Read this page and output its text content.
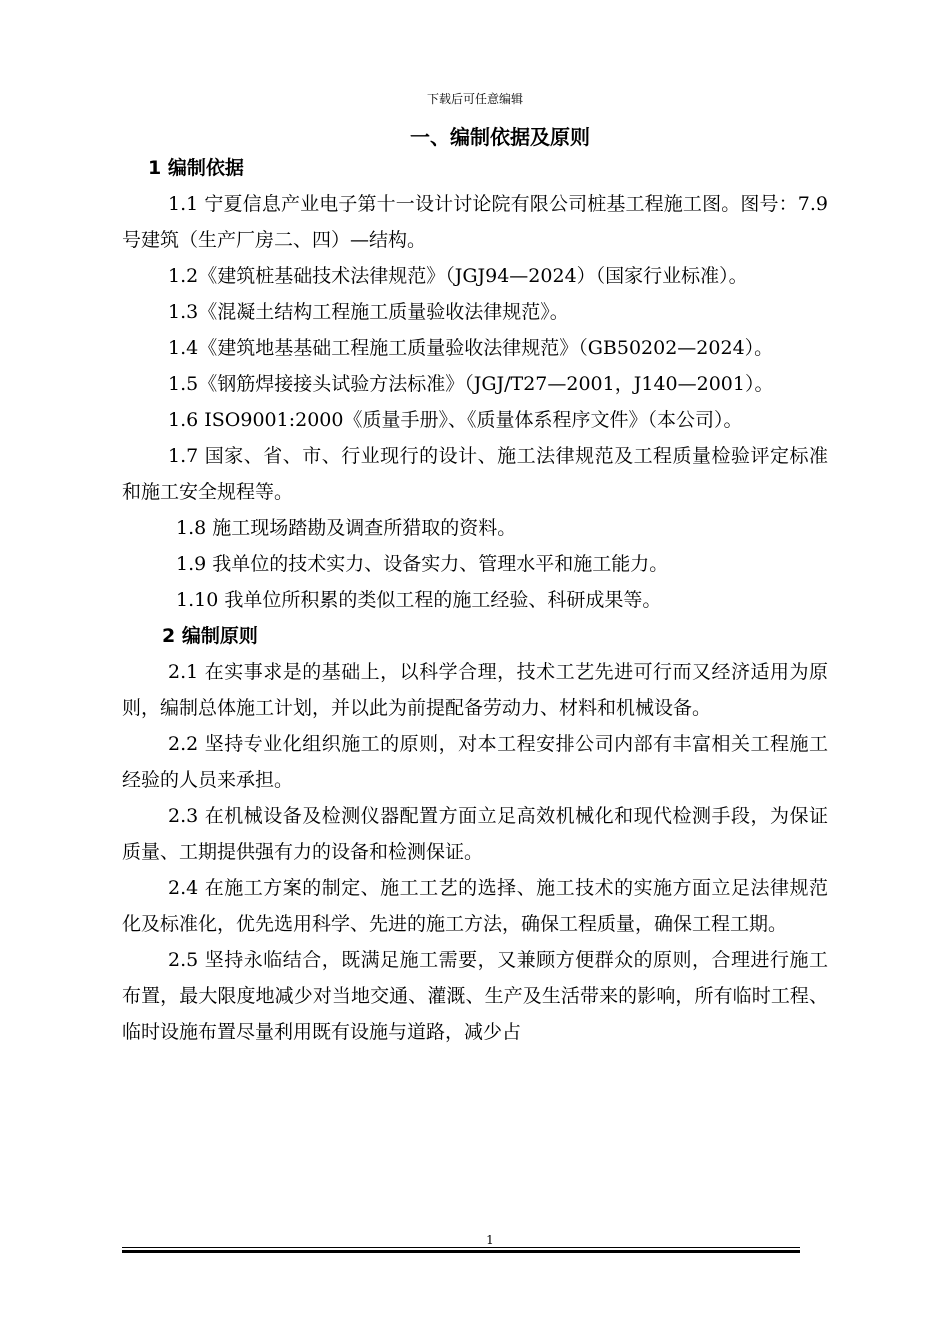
下载后可任意编辑
一、编制依据及原则

1 编制依据

1.1 宁夏信息产业电子第十一设计讨论院有限公司桩基工程施工图。图号：7.9 号建筑（生产厂房二、四）—结构。

1.2《建筑桩基础技术法律规范》（JGJ94—2024）（国家行业标准）。

1.3《混凝土结构工程施工质量验收法律规范》。

1.4《建筑地基基础工程施工质量验收法律规范》（GB50202—2024）。

1.5《钢筋焊接接头试验方法标准》（JGJ/T27—2001，J140—2001）。

1.6 ISO9001:2000《质量手册》、《质量体系程序文件》（本公司）。

1.7 国家、省、市、行业现行的设计、施工法律规范及工程质量检验评定标准和施工安全规程等。

1.8 施工现场踏勘及调查所猎取的资料。

1.9 我单位的技术实力、设备实力、管理水平和施工能力。

1.10 我单位所积累的类似工程的施工经验、科研成果等。

2 编制原则

2.1 在实事求是的基础上，以科学合理，技术工艺先进可行而又经济适用为原则，编制总体施工计划，并以此为前提配备劳动力、材料和机械设备。

2.2 坚持专业化组织施工的原则，对本工程安排公司内部有丰富相关工程施工经验的人员来承担。

2.3 在机械设备及检测仪器配置方面立足高效机械化和现代检测手段，为保证质量、工期提供强有力的设备和检测保证。

2.4 在施工方案的制定、施工工艺的选择、施工技术的实施方面立足法律规范化及标准化，优先选用科学、先进的施工方法，确保工程质量，确保工程工期。

2.5 坚持永临结合，既满足施工需要，又兼顾方便群众的原则，合理进行施工布置，最大限度地减少对当地交通、灌溉、生产及生活带来的影响，所有临时工程、临时设施布置尽量利用既有设施与道路，减少占

1
